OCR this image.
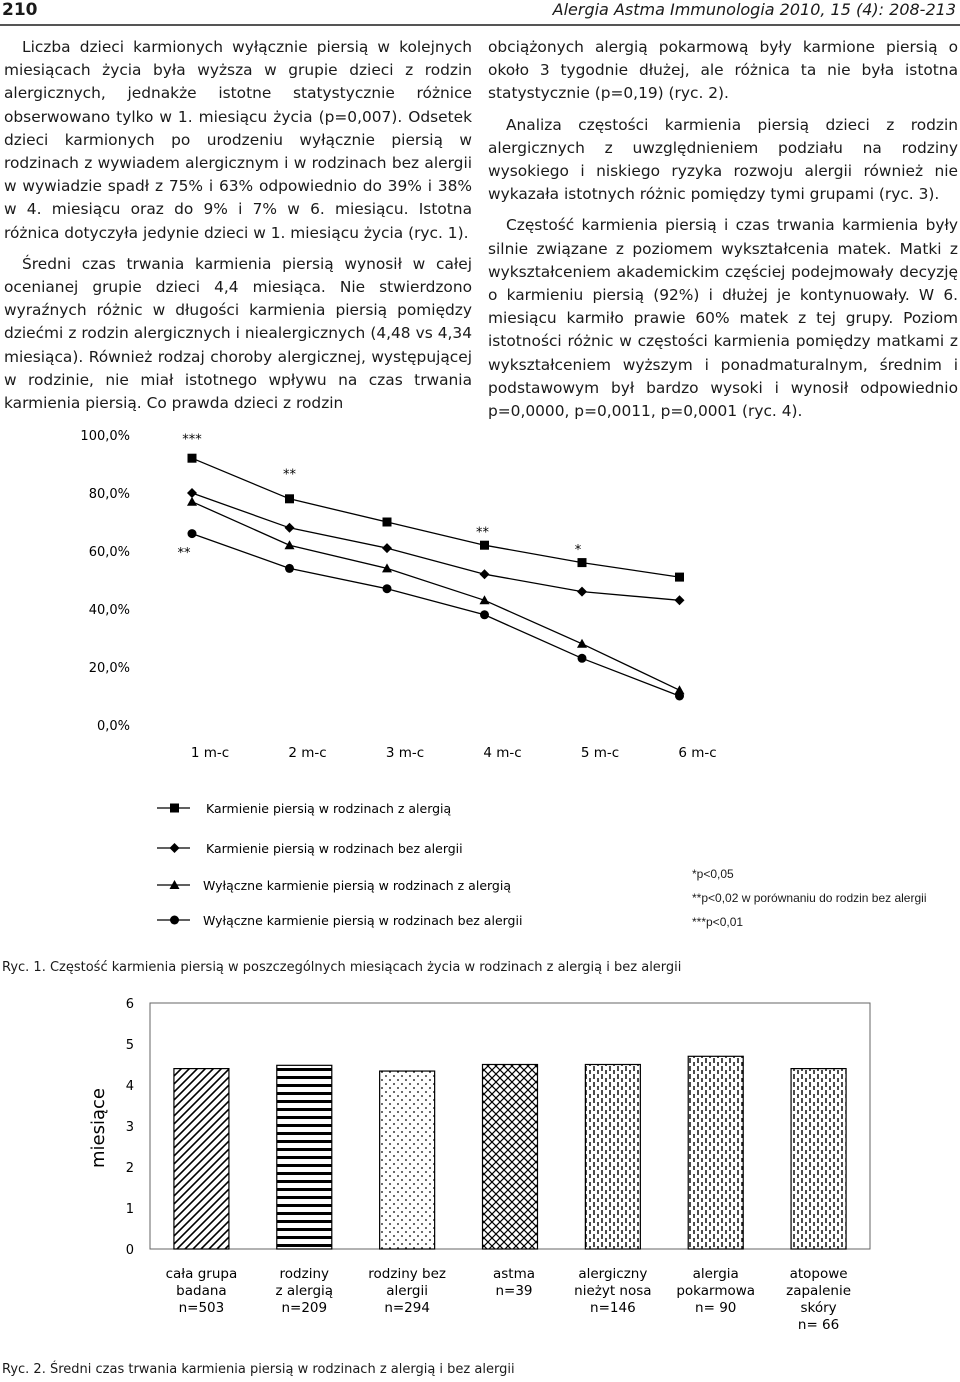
210	Alergia Astma Immunologia 2010, 15 (4): 208-213

Liczba dzieci karmionych wyłącznie piersią w kolejnych miesiącach życia była wyższa w grupie dzieci z rodzin alergicznych, jednakże istotne statystycznie różnice obserwowano tylko w 1. miesiącu życia (p=0,007). Odsetek dzieci karmionych po urodzeniu wyłącznie piersią w rodzinach z wywiadem alergicznym i w rodzinach bez alergii w wywiadzie spadł z 75% i 63% odpowiednio do 39% i 38% w 4. miesiącu oraz do 9% i 7% w 6. miesiącu. Istotna różnica dotyczyła jedynie dzieci w 1. miesiącu życia (ryc. 1).

Średni czas trwania karmienia piersią wynosił w całej ocenianej grupie dzieci 4,4 miesiąca. Nie stwierdzono wyraźnych różnic w długości karmienia piersią pomiędzy dziećmi z rodzin alergicznych i niealergicznych (4,48 vs 4,34 miesiąca). Również rodzaj choroby alergicznej, występującej w rodzinie, nie miał istotnego wpływu na czas trwania karmienia piersią. Co prawda dzieci z rodzin

obciążonych alergią pokarmową były karmione piersią o około 3 tygodnie dłużej, ale różnica ta nie była istotna statystycznie (p=0,19) (ryc. 2).

Analiza częstości karmienia piersią dzieci z rodzin alergicznych z uwzględnieniem podziału na rodziny wysokiego i niskiego ryzyka rozwoju alergii również nie wykazała istotnych różnic pomiędzy tymi grupami (ryc. 3).

Częstość karmienia piersią i czas trwania karmienia były silnie związane z poziomem wykształcenia matek. Matki z wykształceniem akademickim częściej podejmowały decyzję o karmieniu piersią (92%) i dłużej je kontynuowały. W 6. miesiącu karmiło prawie 60% matek z tej grupy. Poziom istotności różnic w częstości karmienia pomiędzy matkami z wykształceniem wyższym i ponadmaturalnym, średnim i podstawowym był bardzo wysoki i wynosił odpowiednio p=0,0000, p=0,0011, p=0,0001 (ryc. 4).

0,0%
20,0%
40,0%
60,0%
80,0%
100,0%
1 m-c	2 m-c	3 m-c	4 m-c	5 m-c	6 m-c
***
**
**
**
*
Karmienie piersią w rodzinach z alergią
Karmienie piersią w rodzinach bez alergii
Wyłączne karmienie piersią w rodzinach z alergią
Wyłączne karmienie piersią w rodzinach bez alergii
*p<0,05
**p<0,02 w porównaniu do rodzin bez alergii
***p<0,01
Ryc. 1. Częstość karmienia piersią w poszczególnych miesiącach życia w rodzinach z alergią i bez alergii
0
1
2
3
4
5
6
miesiące
cała grupa
badana
n=503
rodziny
z alergią
n=209
rodziny bez
alergii
n=294
astma
n=39
alergiczny
nieżyt nosa
n=146
alergia
pokarmowa
n= 90
atopowe
zapalenie
skóry
n= 66
Ryc. 2. Średni czas trwania karmienia piersią w rodzinach z alergią i bez alergii
